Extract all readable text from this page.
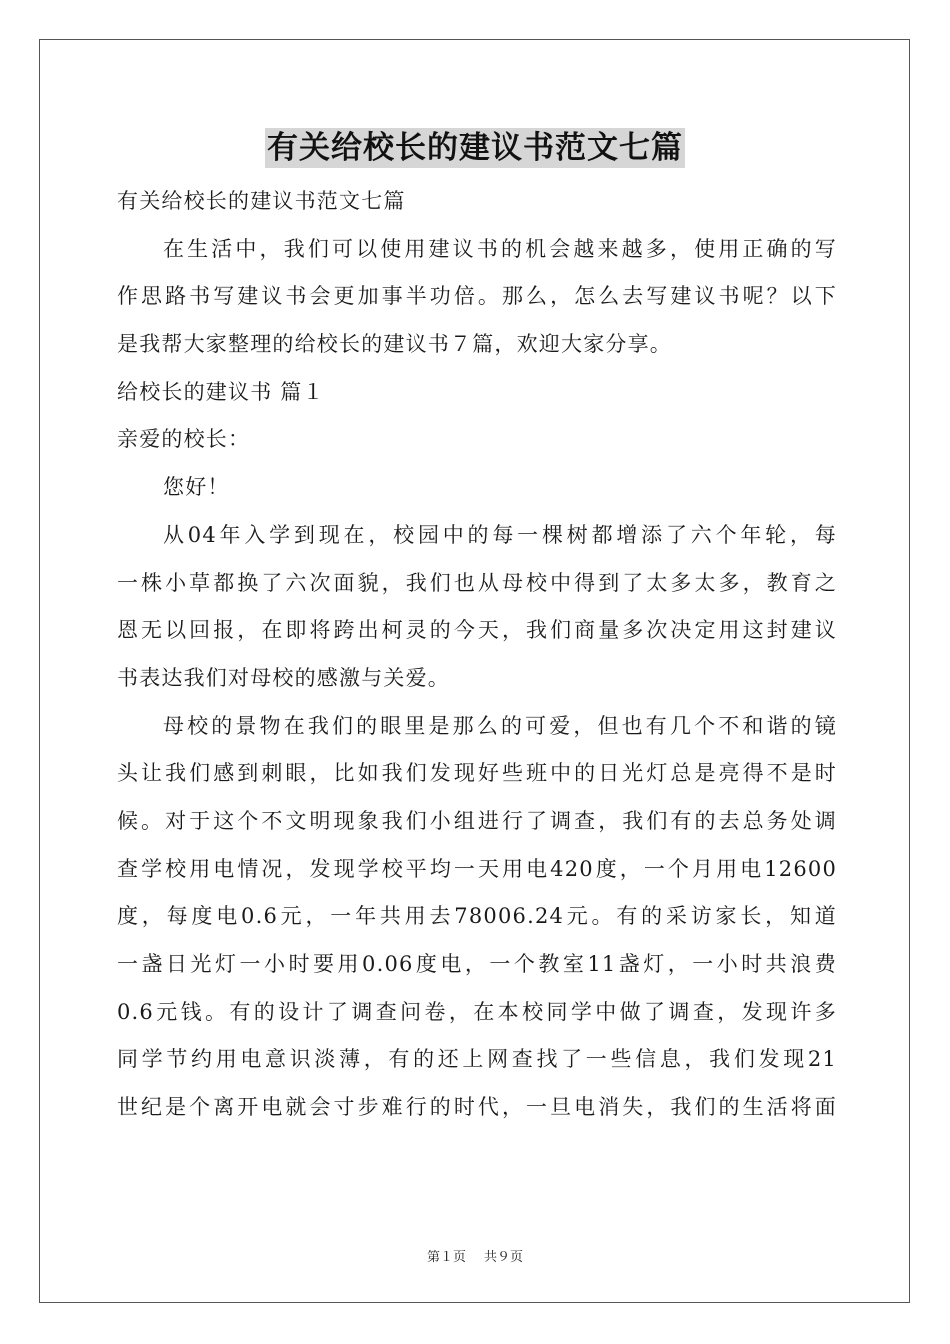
有关给校长的建议书范文七篇
有关给校长的建议书范文七篇
在生活中，我们可以使用建议书的机会越来越多，使用正确的写
作思路书写建议书会更加事半功倍。那么，怎么去写建议书呢？以下
是我帮大家整理的给校长的建议书７篇，欢迎大家分享。
给校长的建议书 篇１
亲爱的校长：
您好！
从04年入学到现在，校园中的每一棵树都增添了六个年轮，每
一株小草都换了六次面貌，我们也从母校中得到了太多太多，教育之
恩无以回报，在即将跨出柯灵的今天，我们商量多次决定用这封建议
书表达我们对母校的感激与关爱。
母校的景物在我们的眼里是那么的可爱，但也有几个不和谐的镜
头让我们感到刺眼，比如我们发现好些班中的日光灯总是亮得不是时
候。对于这个不文明现象我们小组进行了调查，我们有的去总务处调
查学校用电情况，发现学校平均一天用电420度，一个月用电12600
度，每度电0.6元，一年共用去78006.24元。有的采访家长，知道
一盏日光灯一小时要用0.06度电，一个教室11盏灯，一小时共浪费
0.6元钱。有的设计了调查问卷，在本校同学中做了调查，发现许多
同学节约用电意识淡薄，有的还上网查找了一些信息，我们发现21
世纪是个离开电就会寸步难行的时代，一旦电消失，我们的生活将面
第１页 共９页
